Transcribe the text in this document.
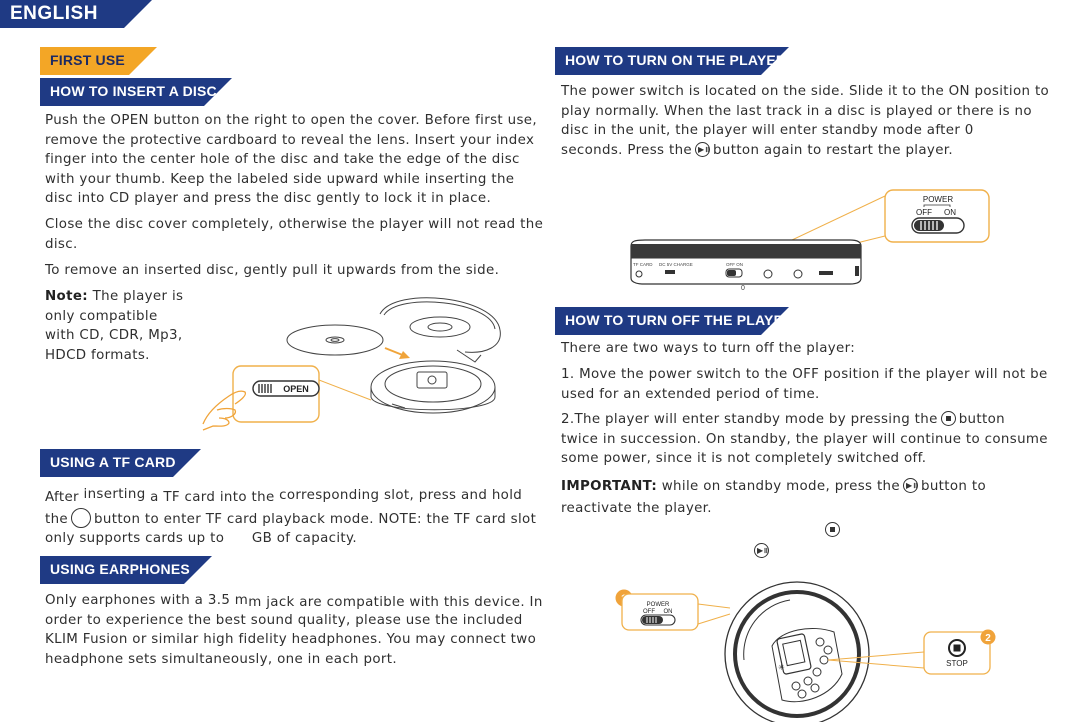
ENGLISH
FIRST USE
HOW TO INSERT A DISC
Push the OPEN button on the right to open the cover. Before first use,
remove the protective cardboard to reveal the lens. Insert your index
finger into the center hole of the disc and take the edge of the disc
with your thumb. Keep the labeled side upward while inserting the
disc into CD player and press the disc gently to lock it in place.
Close the disc cover completely, otherwise the player will not read the
disc.
To remove an inserted disc, gently pull it upwards from the side.
Note: The player is
only compatible
with CD, CDR, Mp3,
HDCD formats.
OPEN
USING A TF CARD
After inserting a TF card into the corresponding slot, press and hold
the button to enter TF card playback mode. NOTE: the TF card slot
only supports cards up to GB of capacity.
USING EARPHONES
Only earphones with a 3.5 mm jack are compatible with this device. In
order to experience the best sound quality, please use the included
KLIM Fusion or similar high fidelity headphones. You may connect two
headphone sets simultaneously, one in each port.
HOW TO TURN ON THE PLAYER
The power switch is located on the side. Slide it to the ON position to
play normally. When the last track in a disc is played or there is no
disc in the unit, the player will enter standby mode after 0
seconds. Press the ▶॥ button again to restart the player.
POWER
OFF ON
TF CARD DC 5V CHARGE	OFF ON
0
HOW TO TURN OFF THE PLAYER
There are two ways to turn off the player:
1. Move the power switch to the OFF position if the player will not be
used for an extended period of time.
2.The player will enter standby mode by pressing the button
twice in succession. On standby, the player will continue to consume
some power, since it is not completely switched off.
IMPORTANT: while on standby mode, press the ▶॥ button to
reactivate the player.
▶॥
POWER
OFF ON
✳
2
STOP
